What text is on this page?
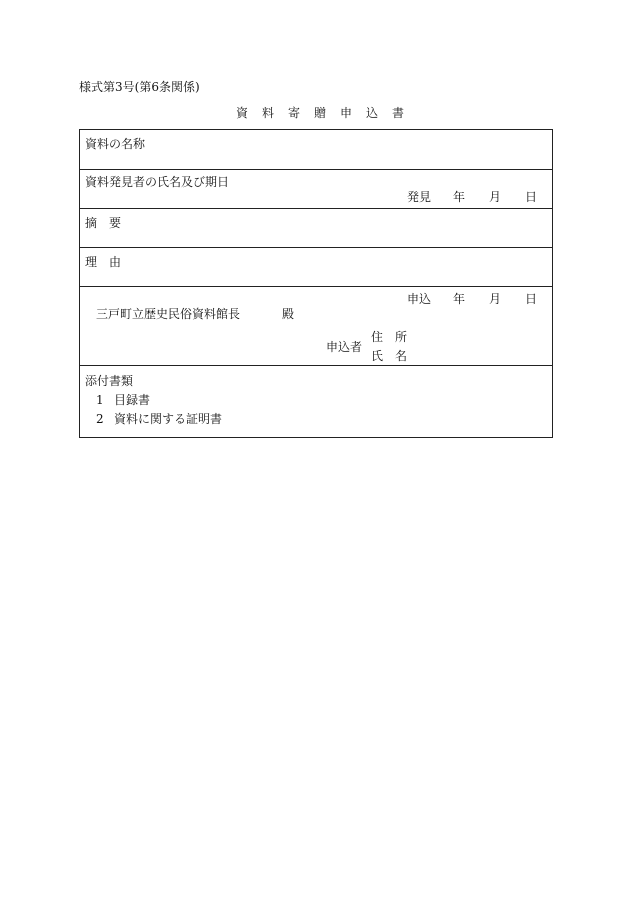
様式第3号(第6条関係)
資　料　寄　贈　申　込　書
資料の名称
資料発見者の氏名及び期日
発見 年 月 日
摘　要
理　由
申込 年 月 日
三戸町立歴史民俗資料館長	殿
申込者
住　所
氏　名
添付書類
1 目録書
2 資料に関する証明書
